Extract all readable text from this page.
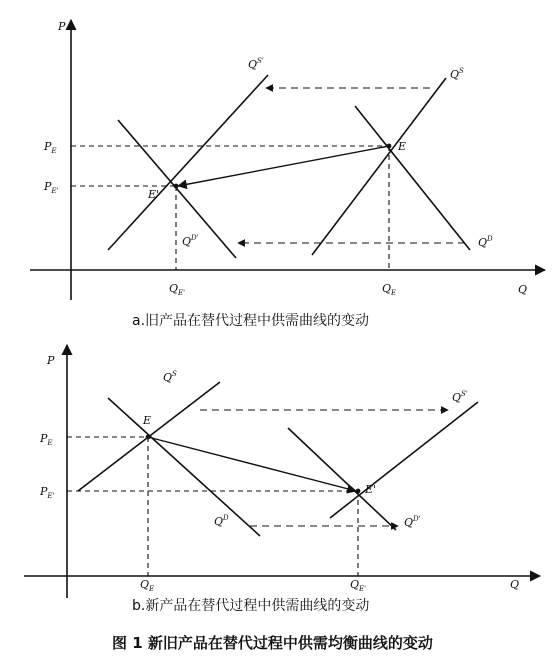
P
Q
$P_E$
$P_{E'}$
$Q_{E'}$	$Q_E$
E
E'
$Q^S$
$Q^{S'}$
$Q^D$
$Q^{D'}$
a.旧产品在替代过程中供需曲线的变动
P
Q
$P_E$
$P_{E'}$
$Q_E$	$Q_{E'}$
E
E'
$Q^S$
$Q^{S'}$
$Q^D$	$Q^{D'}$
b.新产品在替代过程中供需曲线的变动
图 1 新旧产品在替代过程中供需均衡曲线的变动
